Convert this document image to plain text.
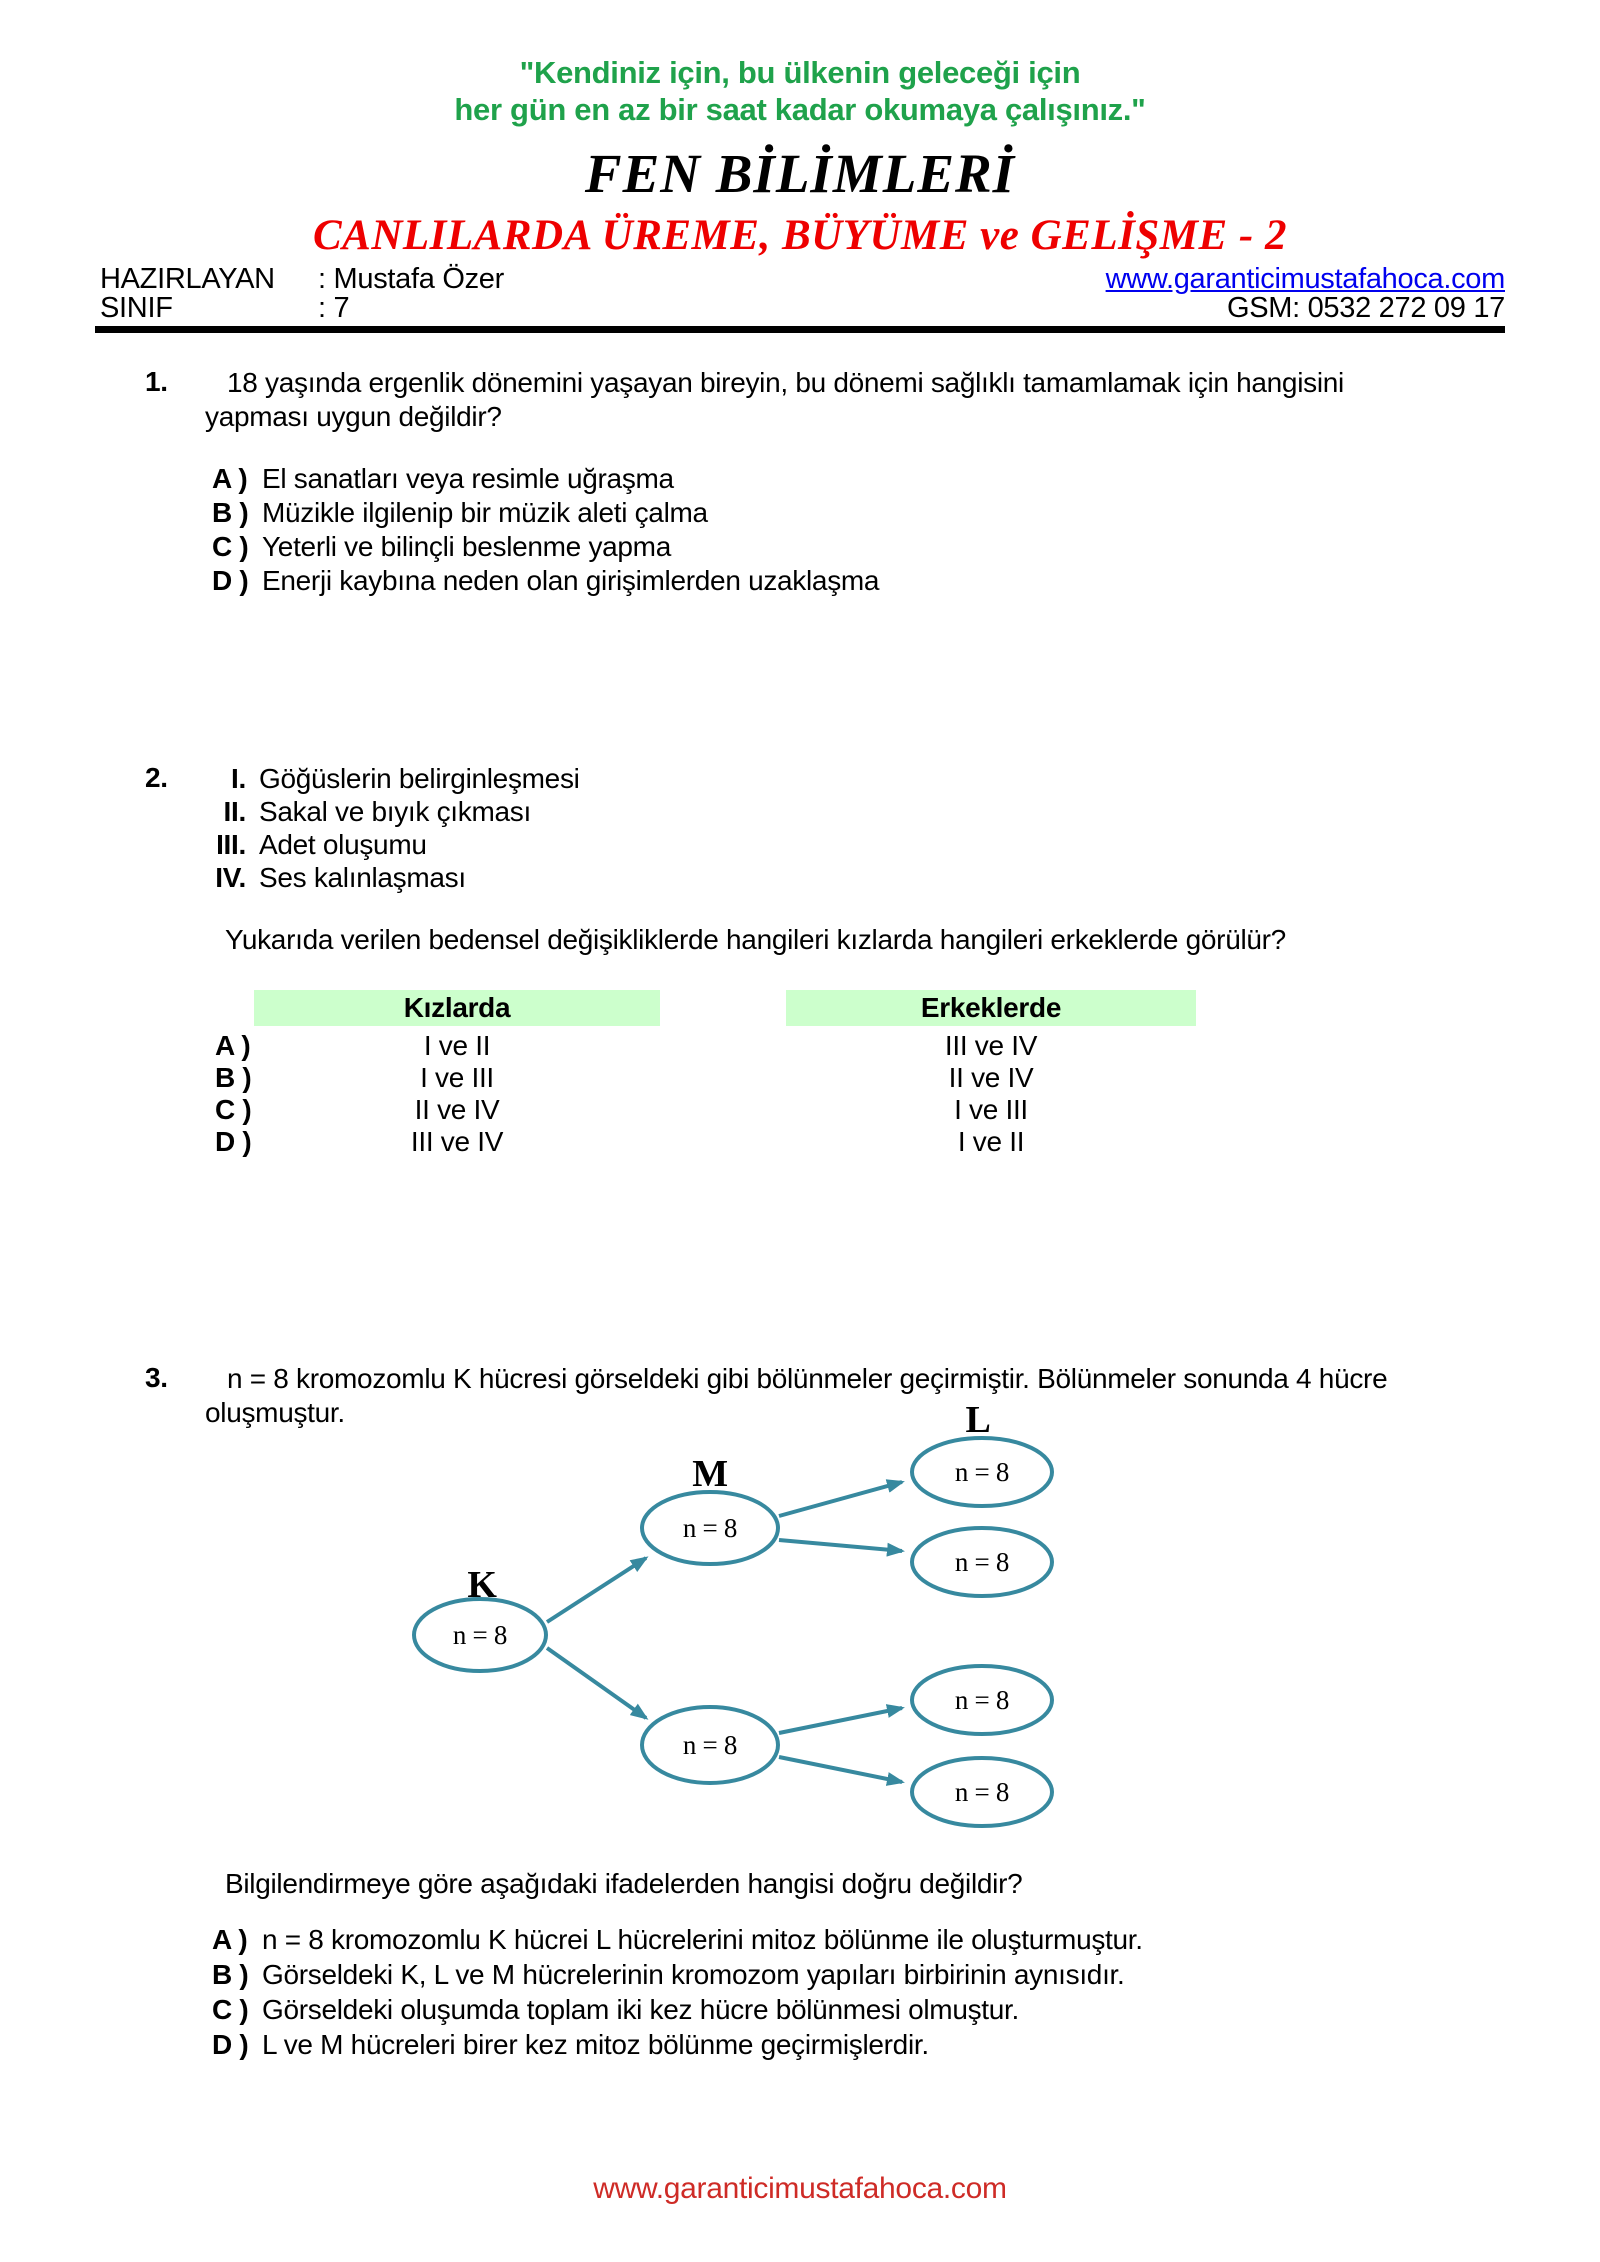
"Kendiniz için, bu ülkenin geleceği için
her gün en az bir saat kadar okumaya çalışınız."
FEN BİLİMLERİ
CANLILARDA ÜREME, BÜYÜME ve GELİŞME - 2
HAZIRLAYAN : Mustafa Özer	www.garanticimustafahoca.com
SINIF	: 7	GSM: 0532 272 09 17
1.	18 yaşında ergenlik dönemini yaşayan bireyin, bu dönemi sağlıklı tamamlamak için hangisini yapması uygun değildir?
A ) El sanatları veya resimle uğraşma
B ) Müzikle ilgilenip bir müzik aleti çalma
C ) Yeterli ve bilinçli beslenme yapma
D ) Enerji kaybına neden olan girişimlerden uzaklaşma
2.	I. Göğüslerin belirginleşmesi
II. Sakal ve bıyık çıkması
III. Adet oluşumu
IV. Ses kalınlaşması
Yukarıda verilen bedensel değişikliklerde hangileri kızlarda hangileri erkeklerde görülür?
Kızlarda	Erkeklerde
A )	I ve II	III ve IV
B )	I ve III	II ve IV
C )	II ve IV	I ve III
D )	III ve IV	I ve II
3.	n = 8 kromozomlu K hücresi görseldeki gibi bölünmeler geçirmiştir. Bölünmeler sonunda 4 hücre oluşmuştur.
K
M
L
n = 8
n = 8
n = 8
n = 8
n = 8
n = 8
n = 8
Bilgilendirmeye göre aşağıdaki ifadelerden hangisi doğru değildir?
A ) n = 8 kromozomlu K hücrei L hücrelerini mitoz bölünme ile oluşturmuştur.
B ) Görseldeki K, L ve M hücrelerinin kromozom yapıları birbirinin aynısıdır.
C ) Görseldeki oluşumda toplam iki kez hücre bölünmesi olmuştur.
D ) L ve M hücreleri birer kez mitoz bölünme geçirmişlerdir.
www.garanticimustafahoca.com
